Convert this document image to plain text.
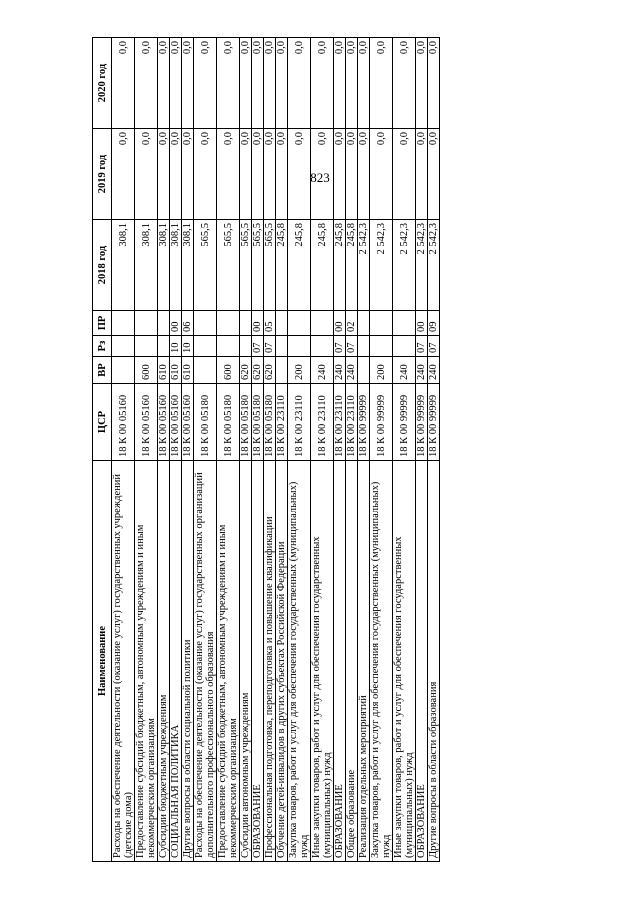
823
Наименование	ЦСР	ВР	Рз	ПР	2018 год	2019 год	2020 год
Расходы на обеспечение деятельности (оказание услуг) государственных учреждений (детские дома)	18 К 00 05160				308,1	0,0	0,0
Предоставление субсидий бюджетным, автономным учреждениям и иным некоммерческим организациям	18 К 00 05160	600			308,1	0,0	0,0
Субсидии бюджетным учреждениям	18 К 00 05160	610			308,1	0,0	0,0
СОЦИАЛЬНАЯ ПОЛИТИКА	18 К 00 05160	610	10	00	308,1	0,0	0,0
Другие вопросы в области социальной политики	18 К 00 05160	610	10	06	308,1	0,0	0,0
Расходы на обеспечение деятельности (оказание услуг) государственных организаций дополнительного профессионального образования	18 К 00 05180				565,5	0,0	0,0
Предоставление субсидий бюджетным, автономным учреждениям и иным некоммерческим организациям	18 К 00 05180	600			565,5	0,0	0,0
Субсидии автономным учреждениям	18 К 00 05180	620			565,5	0,0	0,0
ОБРАЗОВАНИЕ	18 К 00 05180	620	07	00	565,5	0,0	0,0
Профессиональная подготовка, переподготовка и повышение квалификации	18 К 00 05180	620	07	05	565,5	0,0	0,0
Обучение детей-инвалидов в других субъектах Российской Федерации	18 К 00 23110				245,8	0,0	0,0
Закупка товаров, работ и услуг для обеспечения государственных (муниципальных) нужд	18 К 00 23110	200			245,8	0,0	0,0
Иные закупки товаров, работ и услуг для обеспечения государственных (муниципальных) нужд	18 К 00 23110	240			245,8	0,0	0,0
ОБРАЗОВАНИЕ	18 К 00 23110	240	07	00	245,8	0,0	0,0
Общее образование	18 К 00 23110	240	07	02	245,8	0,0	0,0
Реализация отдельных мероприятий	18 К 00 99999				2 542,3	0,0	0,0
Закупка товаров, работ и услуг для обеспечения государственных (муниципальных) нужд	18 К 00 99999	200			2 542,3	0,0	0,0
Иные закупки товаров, работ и услуг для обеспечения государственных (муниципальных) нужд	18 К 00 99999	240			2 542,3	0,0	0,0
ОБРАЗОВАНИЕ	18 К 00 99999	240	07	00	2 542,3	0,0	0,0
Другие вопросы в области образования	18 К 00 99999	240	07	09	2 542,3	0,0	0,0
